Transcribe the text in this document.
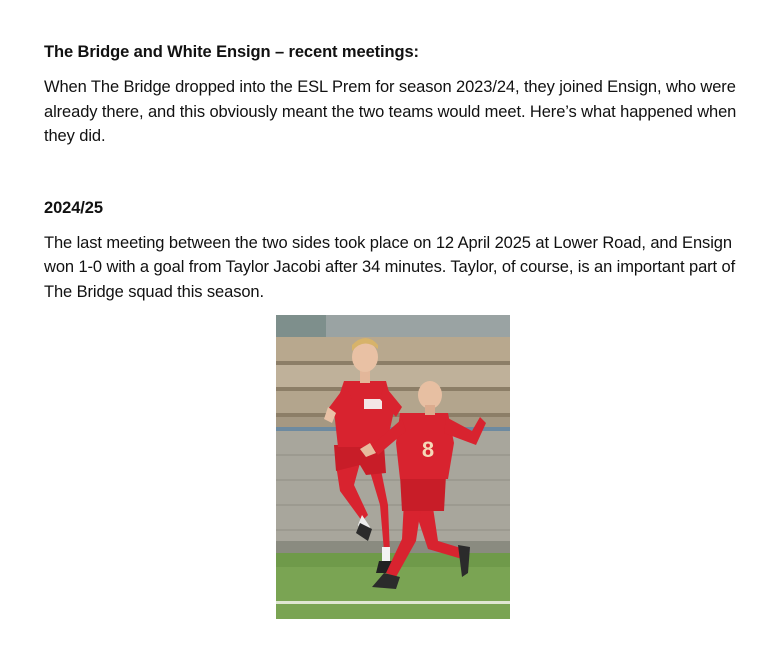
The Bridge and White Ensign – recent meetings:

When The Bridge dropped into the ESL Prem for season 2023/24, they joined Ensign, who were already there, and this obviously meant the two teams would meet. Here’s what happened when they did.

2024/25

The last meeting between the two sides took place on 12 April 2025 at Lower Road, and Ensign won 1-0 with a goal from Taylor Jacobi after 34 minutes. Taylor, of course, is an important part of The Bridge squad this season.

8
